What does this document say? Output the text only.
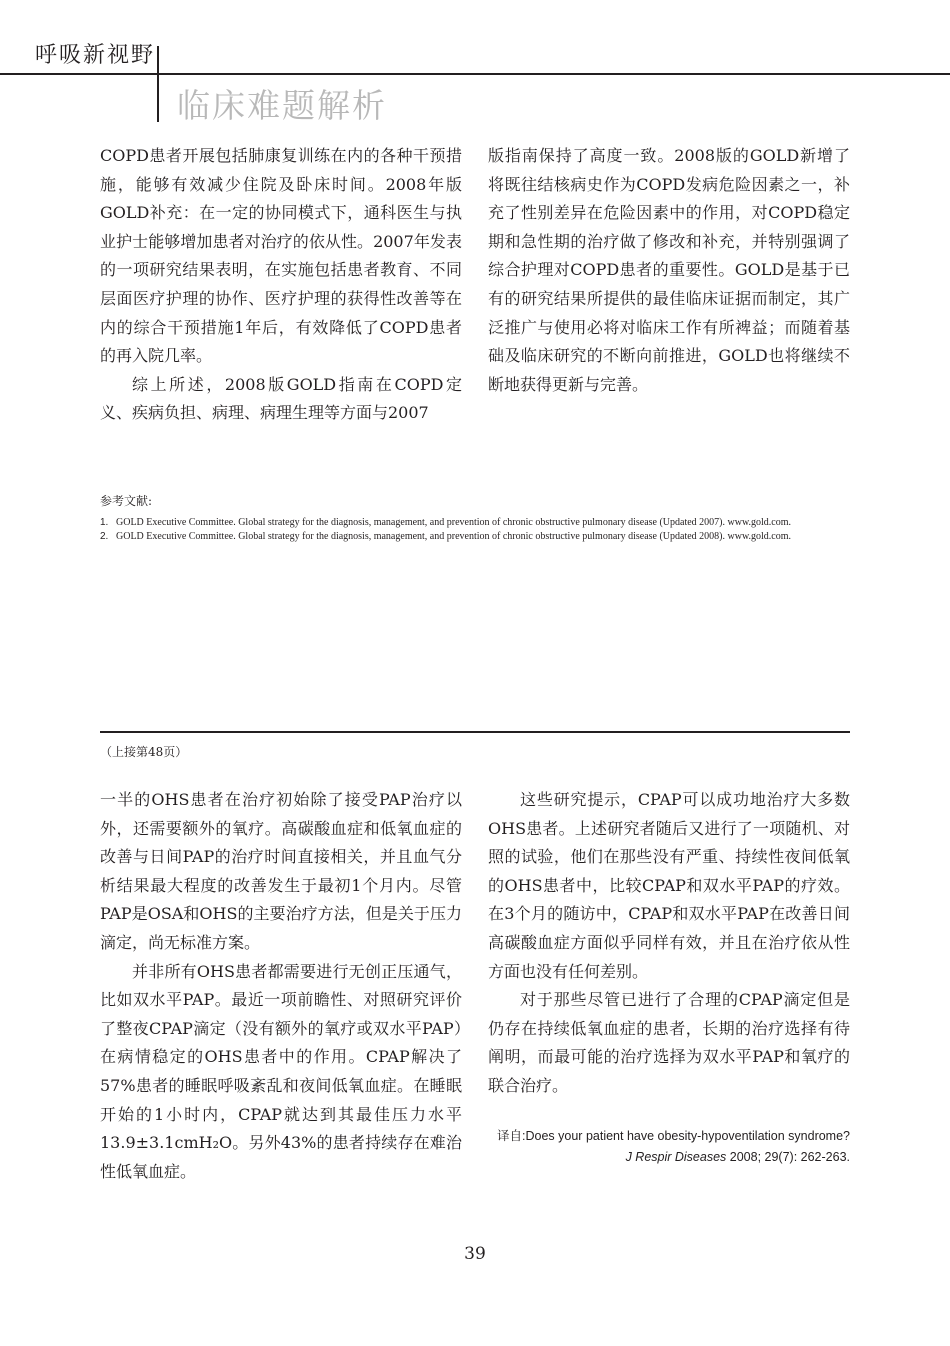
呼吸新视野
临床难题解析

COPD患者开展包括肺康复训练在内的各种干预措施，能够有效减少住院及卧床时间。2008年版GOLD补充：在一定的协同模式下，通科医生与执业护士能够增加患者对治疗的依从性。2007年发表的一项研究结果表明，在实施包括患者教育、不同层面医疗护理的协作、医疗护理的获得性改善等在内的综合干预措施1年后，有效降低了COPD患者的再入院几率。

综上所述，2008版GOLD指南在COPD定义、疾病负担、病理、病理生理等方面与2007

版指南保持了高度一致。2008版的GOLD新增了将既往结核病史作为COPD发病危险因素之一，补充了性别差异在危险因素中的作用，对COPD稳定期和急性期的治疗做了修改和补充，并特别强调了综合护理对COPD患者的重要性。GOLD是基于已有的研究结果所提供的最佳临床证据而制定，其广泛推广与使用必将对临床工作有所裨益；而随着基础及临床研究的不断向前推进，GOLD也将继续不断地获得更新与完善。

参考文献:
1. GOLD Executive Committee. Global strategy for the diagnosis, management, and prevention of chronic obstructive pulmonary disease (Updated 2007). www.gold.com.
2. GOLD Executive Committee. Global strategy for the diagnosis, management, and prevention of chronic obstructive pulmonary disease (Updated 2008). www.gold.com.
（上接第48页）

一半的OHS患者在治疗初始除了接受PAP治疗以外，还需要额外的氧疗。高碳酸血症和低氧血症的改善与日间PAP的治疗时间直接相关，并且血气分析结果最大程度的改善发生于最初1个月内。尽管PAP是OSA和OHS的主要治疗方法，但是关于压力滴定，尚无标准方案。

并非所有OHS患者都需要进行无创正压通气，比如双水平PAP。最近一项前瞻性、对照研究评价了整夜CPAP滴定（没有额外的氧疗或双水平PAP）在病情稳定的OHS患者中的作用。CPAP解决了57%患者的睡眠呼吸紊乱和夜间低氧血症。在睡眠开始的1小时内，CPAP就达到其最佳压力水平13.9±3.1cmH₂O。另外43%的患者持续存在难治性低氧血症。

这些研究提示，CPAP可以成功地治疗大多数OHS患者。上述研究者随后又进行了一项随机、对照的试验，他们在那些没有严重、持续性夜间低氧的OHS患者中，比较CPAP和双水平PAP的疗效。在3个月的随访中，CPAP和双水平PAP在改善日间高碳酸血症方面似乎同样有效，并且在治疗依从性方面也没有任何差别。

对于那些尽管已进行了合理的CPAP滴定但是仍存在持续低氧血症的患者，长期的治疗选择有待阐明，而最可能的治疗选择为双水平PAP和氧疗的联合治疗。

译自:Does your patient have obesity-hypoventilation syndrome?
J Respir Diseases 2008; 29(7): 262-263.
39
